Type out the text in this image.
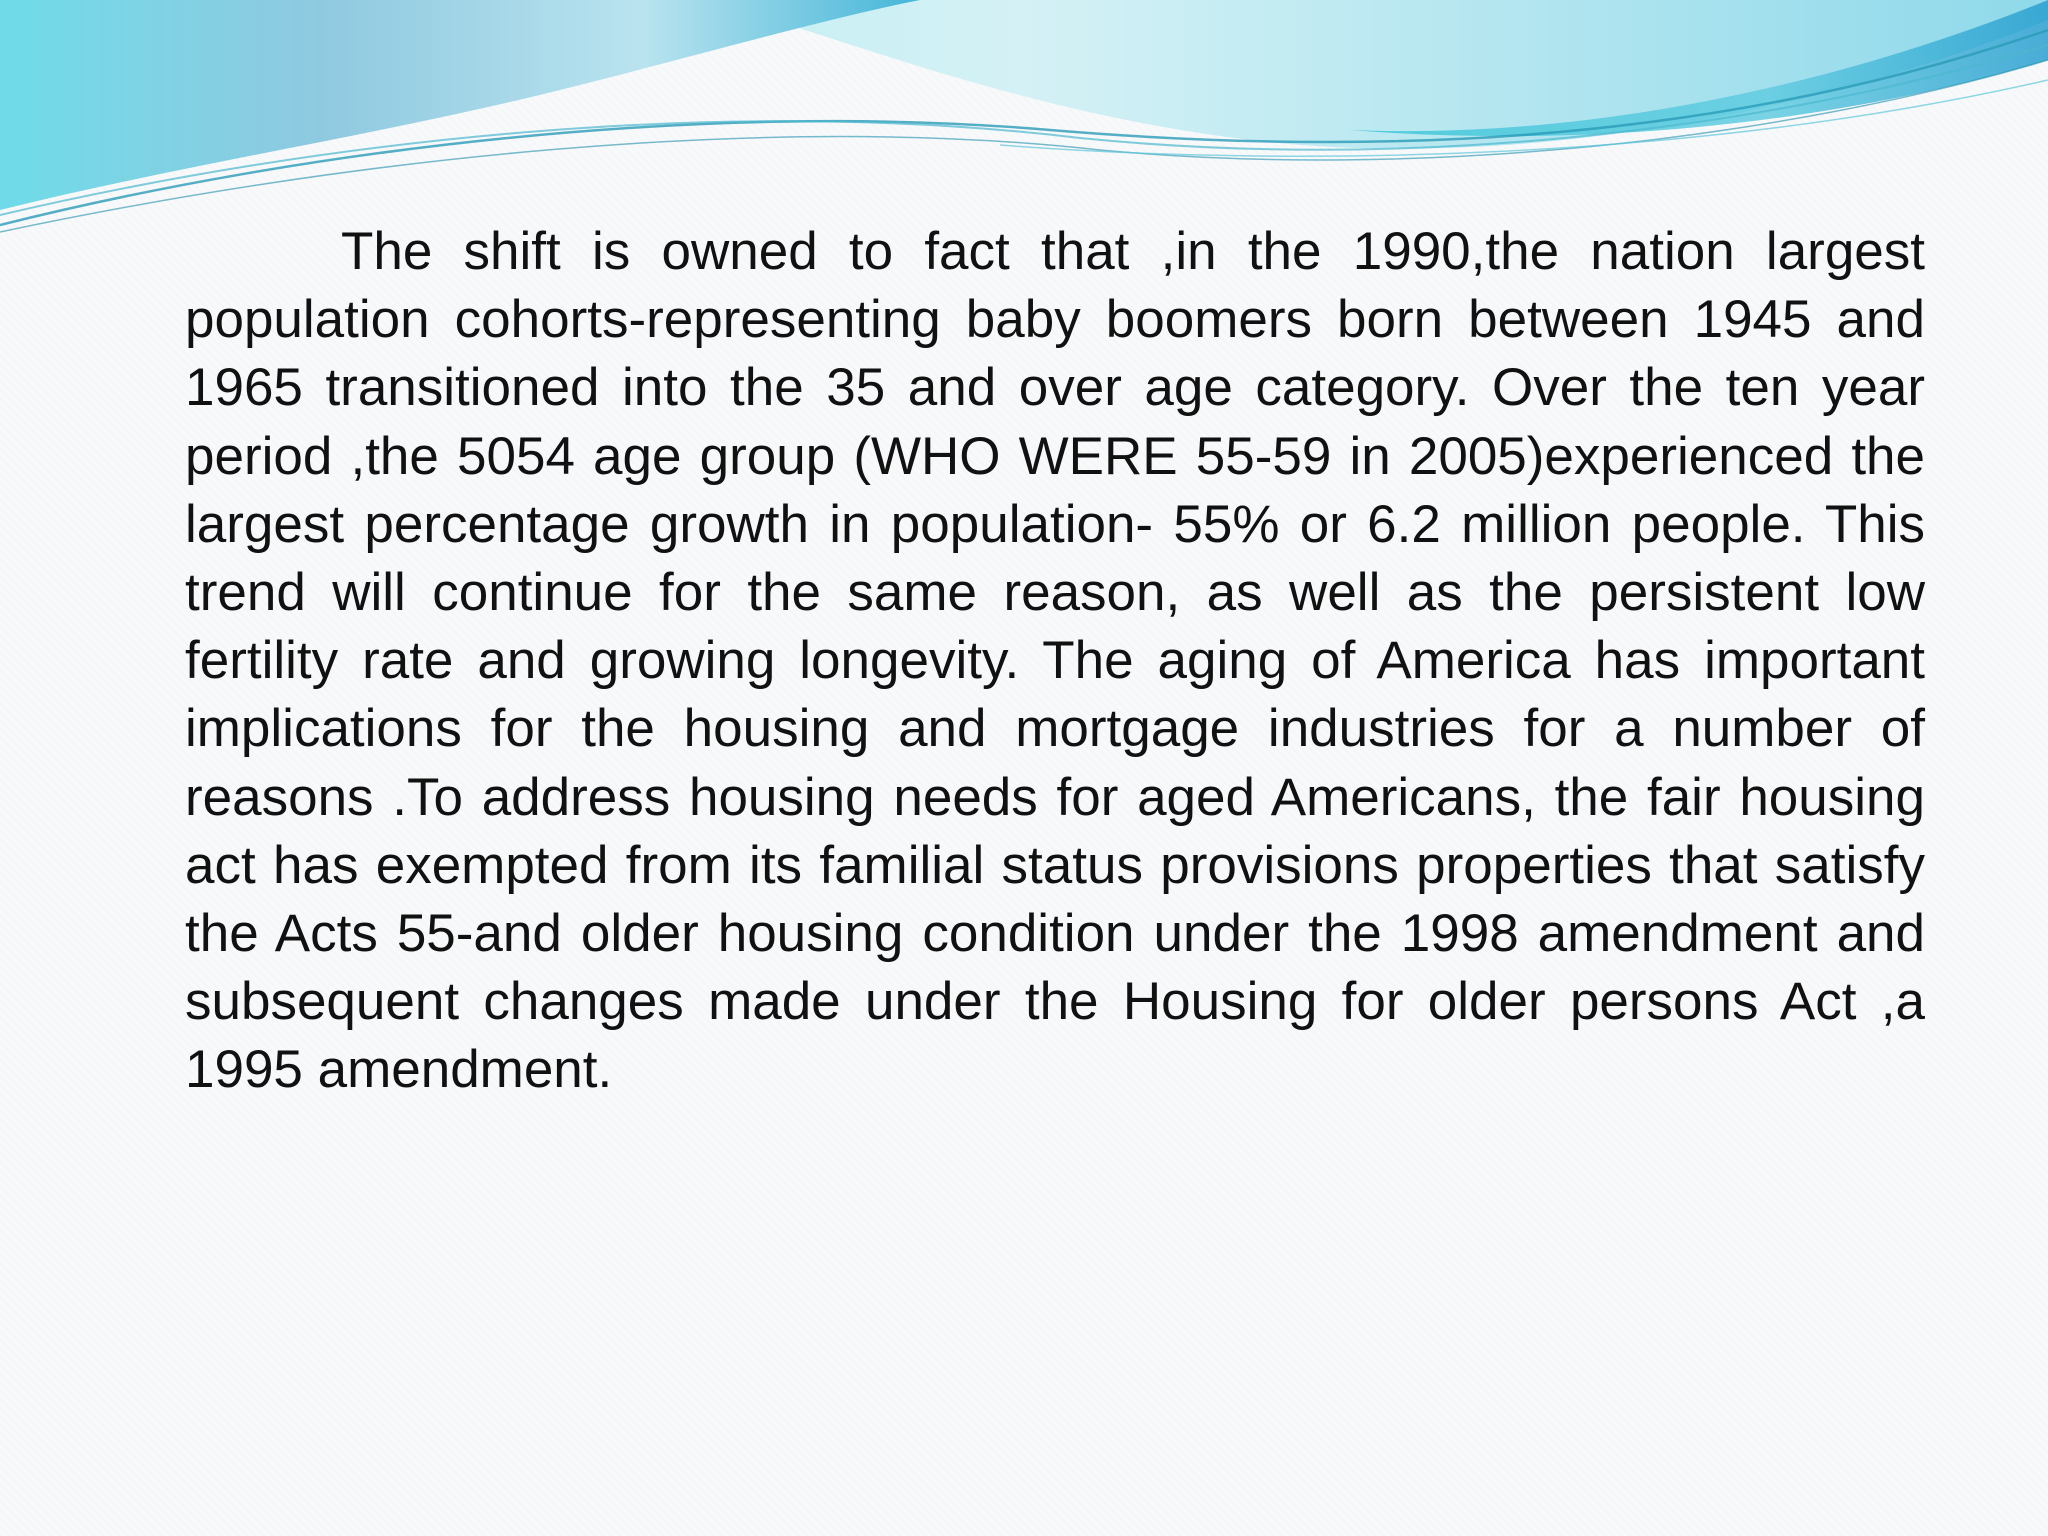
The shift is owned to fact that ,in the 1990,the nation largest population cohorts-representing baby boomers born between 1945 and 1965 transitioned into the 35 and over age category. Over the ten year period ,the 5054 age group (WHO WERE 55-59 in 2005)experienced the largest percentage growth in population- 55% or 6.2 million people. This trend will continue for the same reason, as well as the persistent low fertility rate and growing longevity. The aging of America has important implications for the housing and mortgage industries for a number of reasons .To address housing needs for aged Americans, the fair housing act has exempted from its familial status provisions properties that satisfy the Acts 55-and older housing condition under the 1998 amendment and subsequent changes made under the Housing for older persons Act ,a 1995 amendment.
